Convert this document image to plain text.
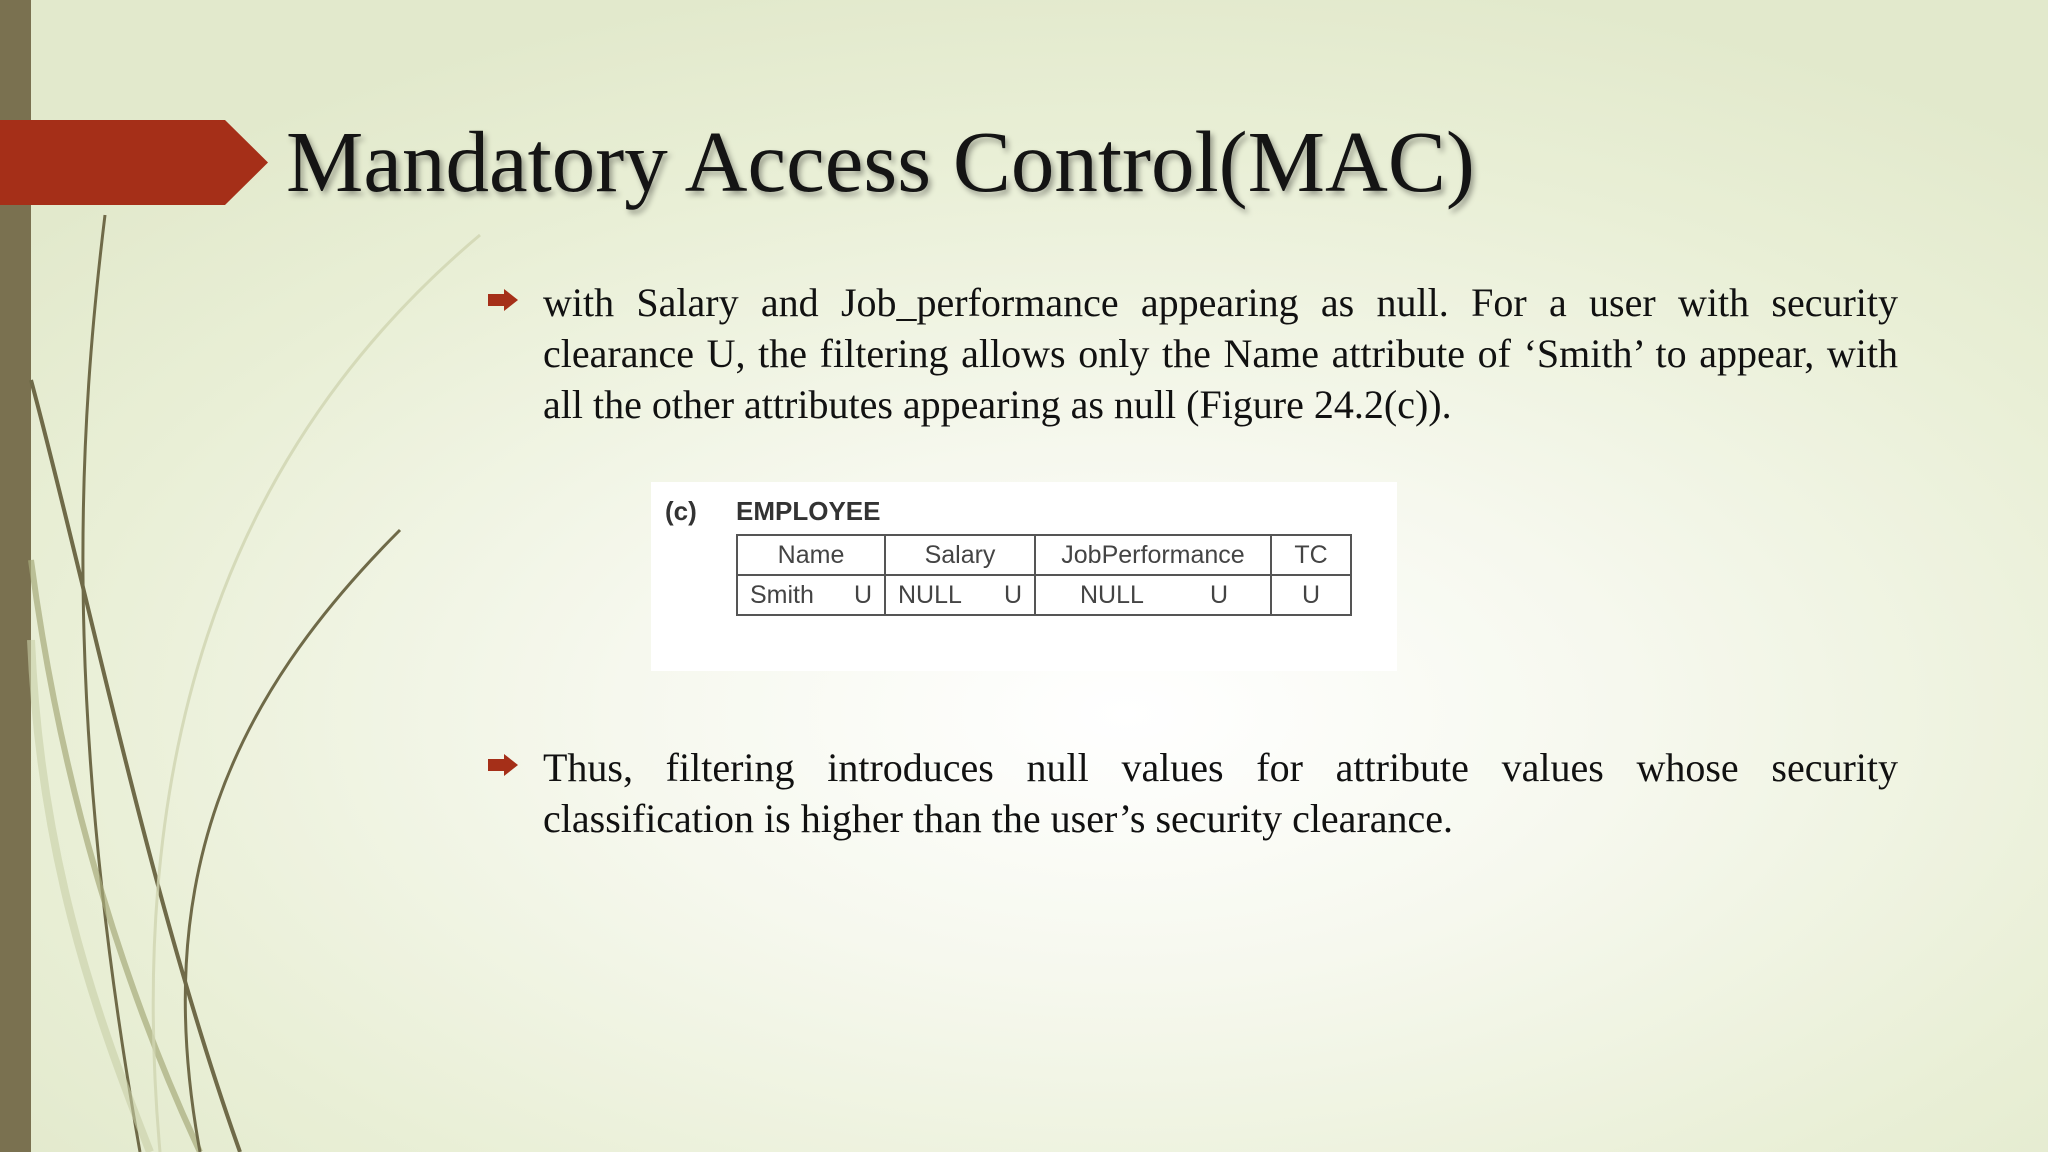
Mandatory Access Control(MAC)

with Salary and Job_performance appearing as null. For a user with security clearance U, the filtering allows only the Name attribute of ‘Smith’ to appear, with all the other attributes appearing as null (Figure 24.2(c)).

(c) EMPLOYEE
Name	Salary	JobPerformance	TC

Smith U	NULL U	NULL U	U

Thus, filtering introduces null values for attribute values whose security classification is higher than the user’s security clearance.
